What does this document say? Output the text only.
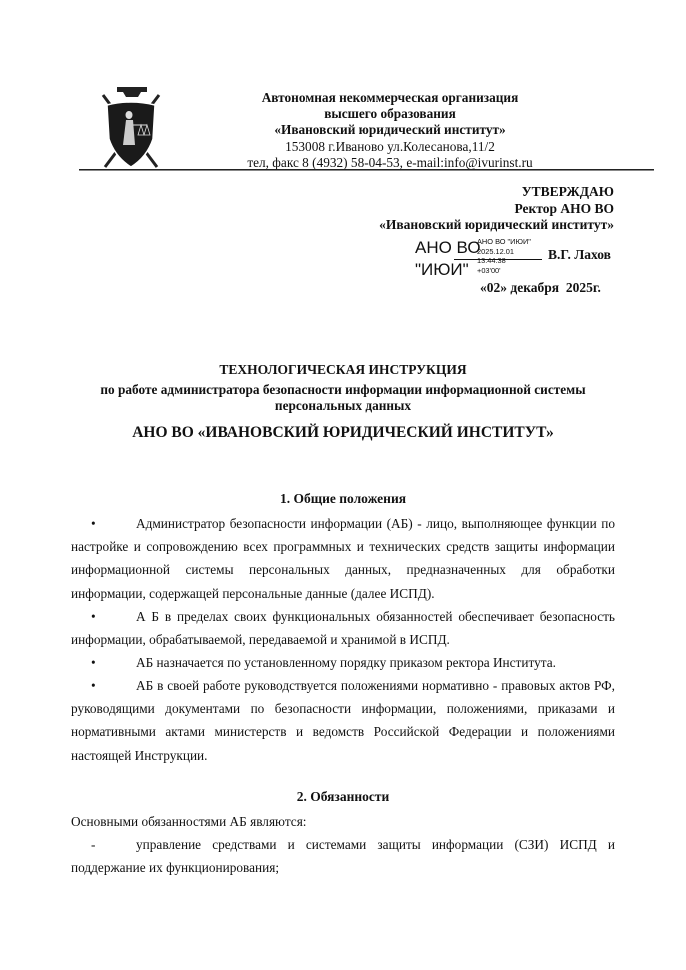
Автономная некоммерческая организация
высшего образования
«Ивановский юридический институт»
153008 г.Иваново ул.Колесанова,11/2
тел, факс 8 (4932) 58-04-53, e-mail:info@ivurinst.ru
УТВЕРЖДАЮ
Ректор АНО ВО
«Ивановский юридический институт»
АНО ВО
"ИЮИ"
АНО ВО "ИЮИ"
2025.12.01
13:44:38
+03'00'
В.Г. Лахов
«02» декабря  2025г.
ТЕХНОЛОГИЧЕСКАЯ ИНСТРУКЦИЯ
по работе администратора безопасности информации информационной системы персональных данных
АНО ВО «ИВАНОВСКИЙ ЮРИДИЧЕСКИЙ ИНСТИТУТ»
1. Общие положения
•	Администратор безопасности информации (АБ) - лицо, выполняющее функции по настройке и сопровождению всех программных и технических средств защиты информации информационной системы персональных данных, предназначенных для обработки информации, содержащей персональные данные (далее ИСПД).
•	А Б в пределах своих функциональных обязанностей обеспечивает безопасность информации, обрабатываемой, передаваемой и хранимой в ИСПД.
•	АБ назначается по установленному порядку приказом ректора Института.
•	АБ в своей работе руководствуется положениями нормативно - правовых актов РФ, руководящими документами по безопасности информации, положениями, приказами и нормативными актами министерств и ведомств Российской Федерации и положениями настоящей Инструкции.
2. Обязанности
Основными обязанностями АБ являются:
-	управление средствами и системами защиты информации (СЗИ) ИСПД и поддержание их функционирования;
